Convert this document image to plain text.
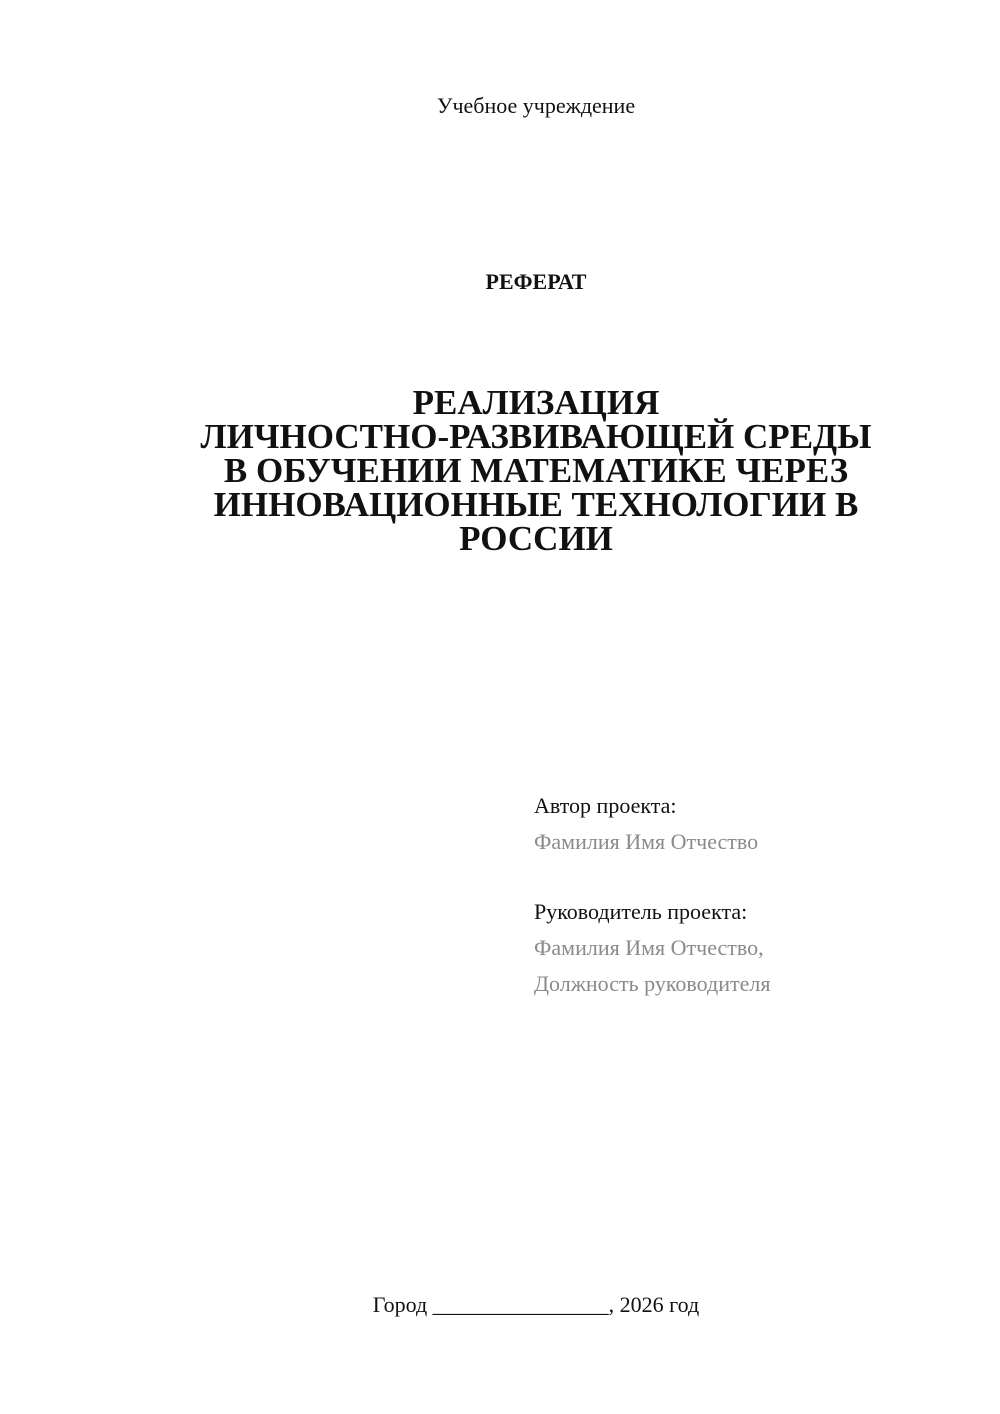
Учебное учреждение
РЕФЕРАТ
РЕАЛИЗАЦИЯ
ЛИЧНОСТНО-РАЗВИВАЮЩЕЙ СРЕДЫ
В ОБУЧЕНИИ МАТЕМАТИКЕ ЧЕРЕЗ
ИННОВАЦИОННЫЕ ТЕХНОЛОГИИ В
РОССИИ
Автор проекта:
Фамилия Имя Отчество
Руководитель проекта:
Фамилия Имя Отчество,
Должность руководителя
Город ________________, 2026 год
